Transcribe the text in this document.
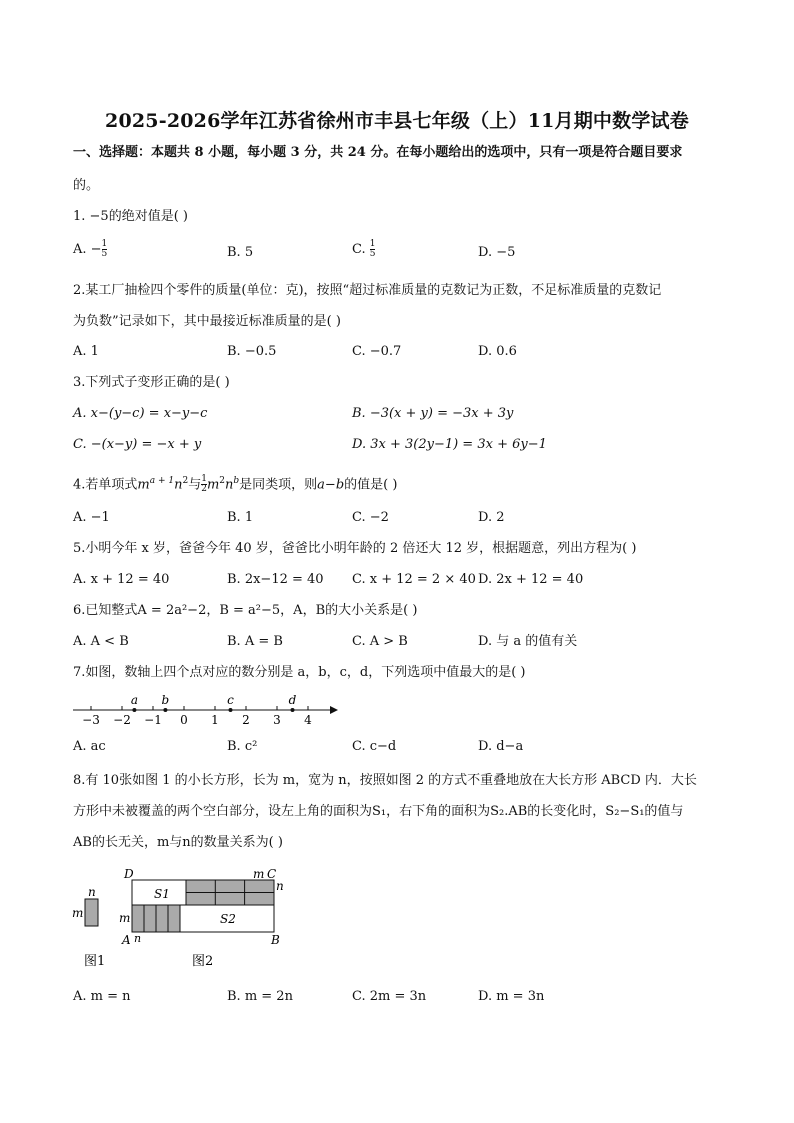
2025-2026学年江苏省徐州市丰县七年级（上）11月期中数学试卷
一、选择题：本题共 8 小题，每小题 3 分，共 24 分。在每小题给出的选项中，只有一项是符合题目要求
的。
1. −5的绝对值是( )
A. − $\frac{1}{5}$	B. 5	C. $\frac{1}{5}$	D. −5
2.某工厂抽检四个零件的质量(单位：克)，按照“超过标准质量的克数记为正数，不足标准质量的克数记
为负数”记录如下，其中最接近标准质量的是( )
A. 1	B. −0.5	C. −0.7	D. 0.6
3.下列式子变形正确的是( )
A. x−(y−c) = x−y−c	B. −3(x + y) = −3x + 3y
C. −(x−y) = −x + y	D. 3x + 3(2y−1) = 3x + 6y−1
4.若单项式$m^{a + 1}n^2$与 $\frac{1}{2} m^2n^b$是同类项，则a−b的值是( )
A. −1	B. 1	C. −2	D. 2
5.小明今年 x 岁，爸爸今年 40 岁，爸爸比小明年龄的 2 倍还大 12 岁，根据题意，列出方程为( )
A. x + 12 = 40	B. 2x−12 = 40 C. x + 12 = 2 × 40 D. 2x + 12 = 40
6.已知整式A = 2a²−2，B = a²−5，A，B的大小关系是( )
A. A < B	B. A = B	C. A > B	D. 与 a 的值有关
7.如图，数轴上四个点对应的数分别是 a，b，c，d，下列选项中值最大的是( )
−3 −2 −1 0 1 2 3 4
a b	c	d
A. ac	B. c²	C. c−d	D. d−a
8.有 10张如图 1 的小长方形，长为 m，宽为 n，按照如图 2 的方式不重叠地放在大长方形 ABCD 内．大长
方形中未被覆盖的两个空白部分，设左上角的面积为S₁，右下角的面积为S₂.AB的长变化时，S₂−S₁的值与
AB的长无关，m与n的数量关系为( )
n
m
图1
D	m C
n
m
A n	B
S1
S2
图2
A. m = n	B. m = 2n	C. 2m = 3n	D. m = 3n
